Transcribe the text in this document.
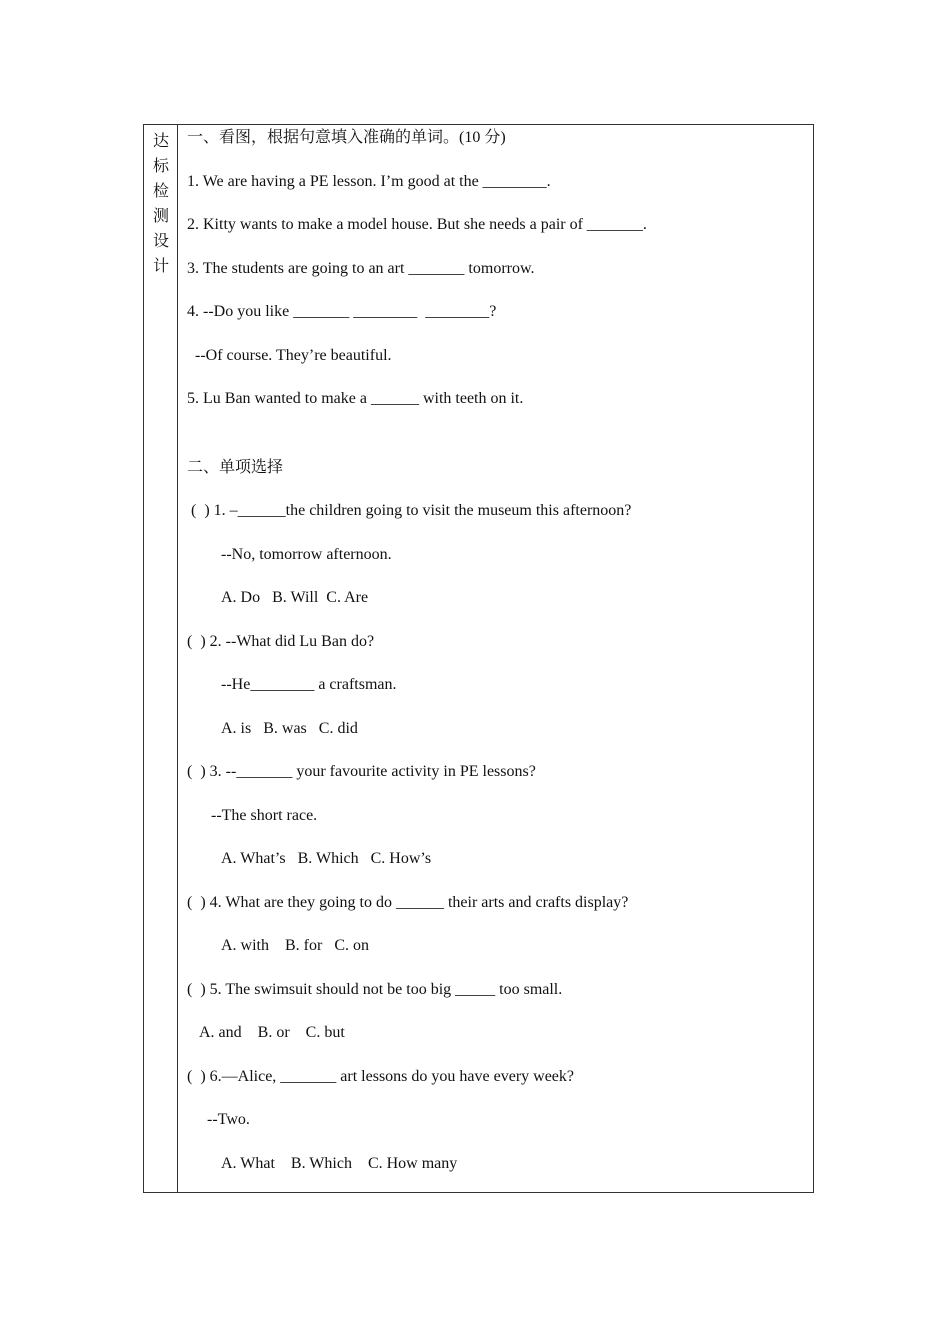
达
标
检
测
设
计
一、看图，根据句意填入准确的单词。(10 分)
1. We are having a PE lesson. I’m good at the ________.
2. Kitty wants to make a model house. But she needs a pair of _______.
3. The students are going to an art _______ tomorrow.
4. --Do you like _______ ________  ________?
--Of course. They’re beautiful.
5. Lu Ban wanted to make a ______ with teeth on it.
二、单项选择
(  ) 1. –______the children going to visit the museum this afternoon?
--No, tomorrow afternoon.
A. Do   B. Will  C. Are
(  ) 2. --What did Lu Ban do?
--He________ a craftsman.
A. is   B. was   C. did
(  ) 3. --_______ your favourite activity in PE lessons?
--The short race.
A. What’s   B. Which   C. How’s
(  ) 4. What are they going to do ______ their arts and crafts display?
A. with    B. for   C. on
(  ) 5. The swimsuit should not be too big _____ too small.
A. and    B. or    C. but
(  ) 6.—Alice, _______ art lessons do you have every week?
--Two.
A. What    B. Which    C. How many
